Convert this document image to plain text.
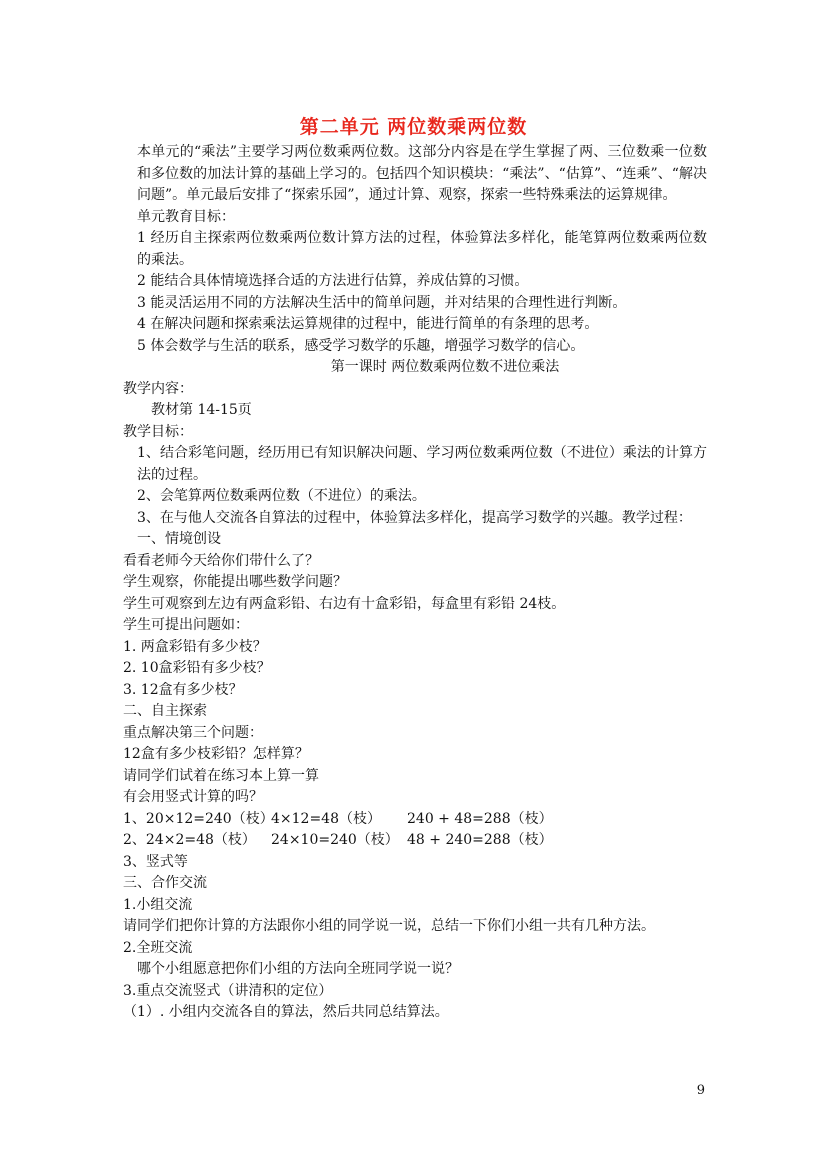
第二单元 两位数乘两位数

本单元的“乘法”主要学习两位数乘两位数。这部分内容是在学生掌握了两、三位数乘一位数和多位数的加法计算的基础上学习的。包括四个知识模块：“乘法”、“估算”、“连乘”、“解决问题”。单元最后安排了“探索乐园”，通过计算、观察，探索一些特殊乘法的运算规律。

单元教育目标：

1 经历自主探索两位数乘两位数计算方法的过程，体验算法多样化，能笔算两位数乘两位数的乘法。

2 能结合具体情境选择合适的方法进行估算，养成估算的习惯。

3 能灵活运用不同的方法解决生活中的简单问题，并对结果的合理性进行判断。

4 在解决问题和探索乘法运算规律的过程中，能进行简单的有条理的思考。

5 体会数学与生活的联系，感受学习数学的乐趣，增强学习数学的信心。

第一课时 两位数乘两位数不进位乘法

教学内容：

教材第 14-15页

教学目标：

1、结合彩笔问题，经历用已有知识解决问题、学习两位数乘两位数（不进位）乘法的计算方法的过程。

2、会笔算两位数乘两位数（不进位）的乘法。

3、在与他人交流各自算法的过程中，体验算法多样化，提高学习数学的兴趣。教学过程：

一、情境创设

看看老师今天给你们带什么了？

学生观察，你能提出哪些数学问题？

学生可观察到左边有两盒彩铅、右边有十盒彩铅，每盒里有彩铅 24枝。

学生可提出问题如：

1. 两盒彩铅有多少枝？

2. 10盒彩铅有多少枝？

3. 12盒有多少枝？

二、自主探索

重点解决第三个问题：

12盒有多少枝彩铅？怎样算？

请同学们试着在练习本上算一算

有会用竖式计算的吗？

1、20×12=240（枝）4×12=48（枝） 240 + 48=288（枝）

2、24×2=48（枝） 24×10=240（枝） 48 + 240=288（枝）

3、竖式等

三、合作交流

1.小组交流

请同学们把你计算的方法跟你小组的同学说一说，总结一下你们小组一共有几种方法。

2.全班交流

哪个小组愿意把你们小组的方法向全班同学说一说？

3.重点交流竖式（讲清积的定位）

（1）. 小组内交流各自的算法，然后共同总结算法。

9
